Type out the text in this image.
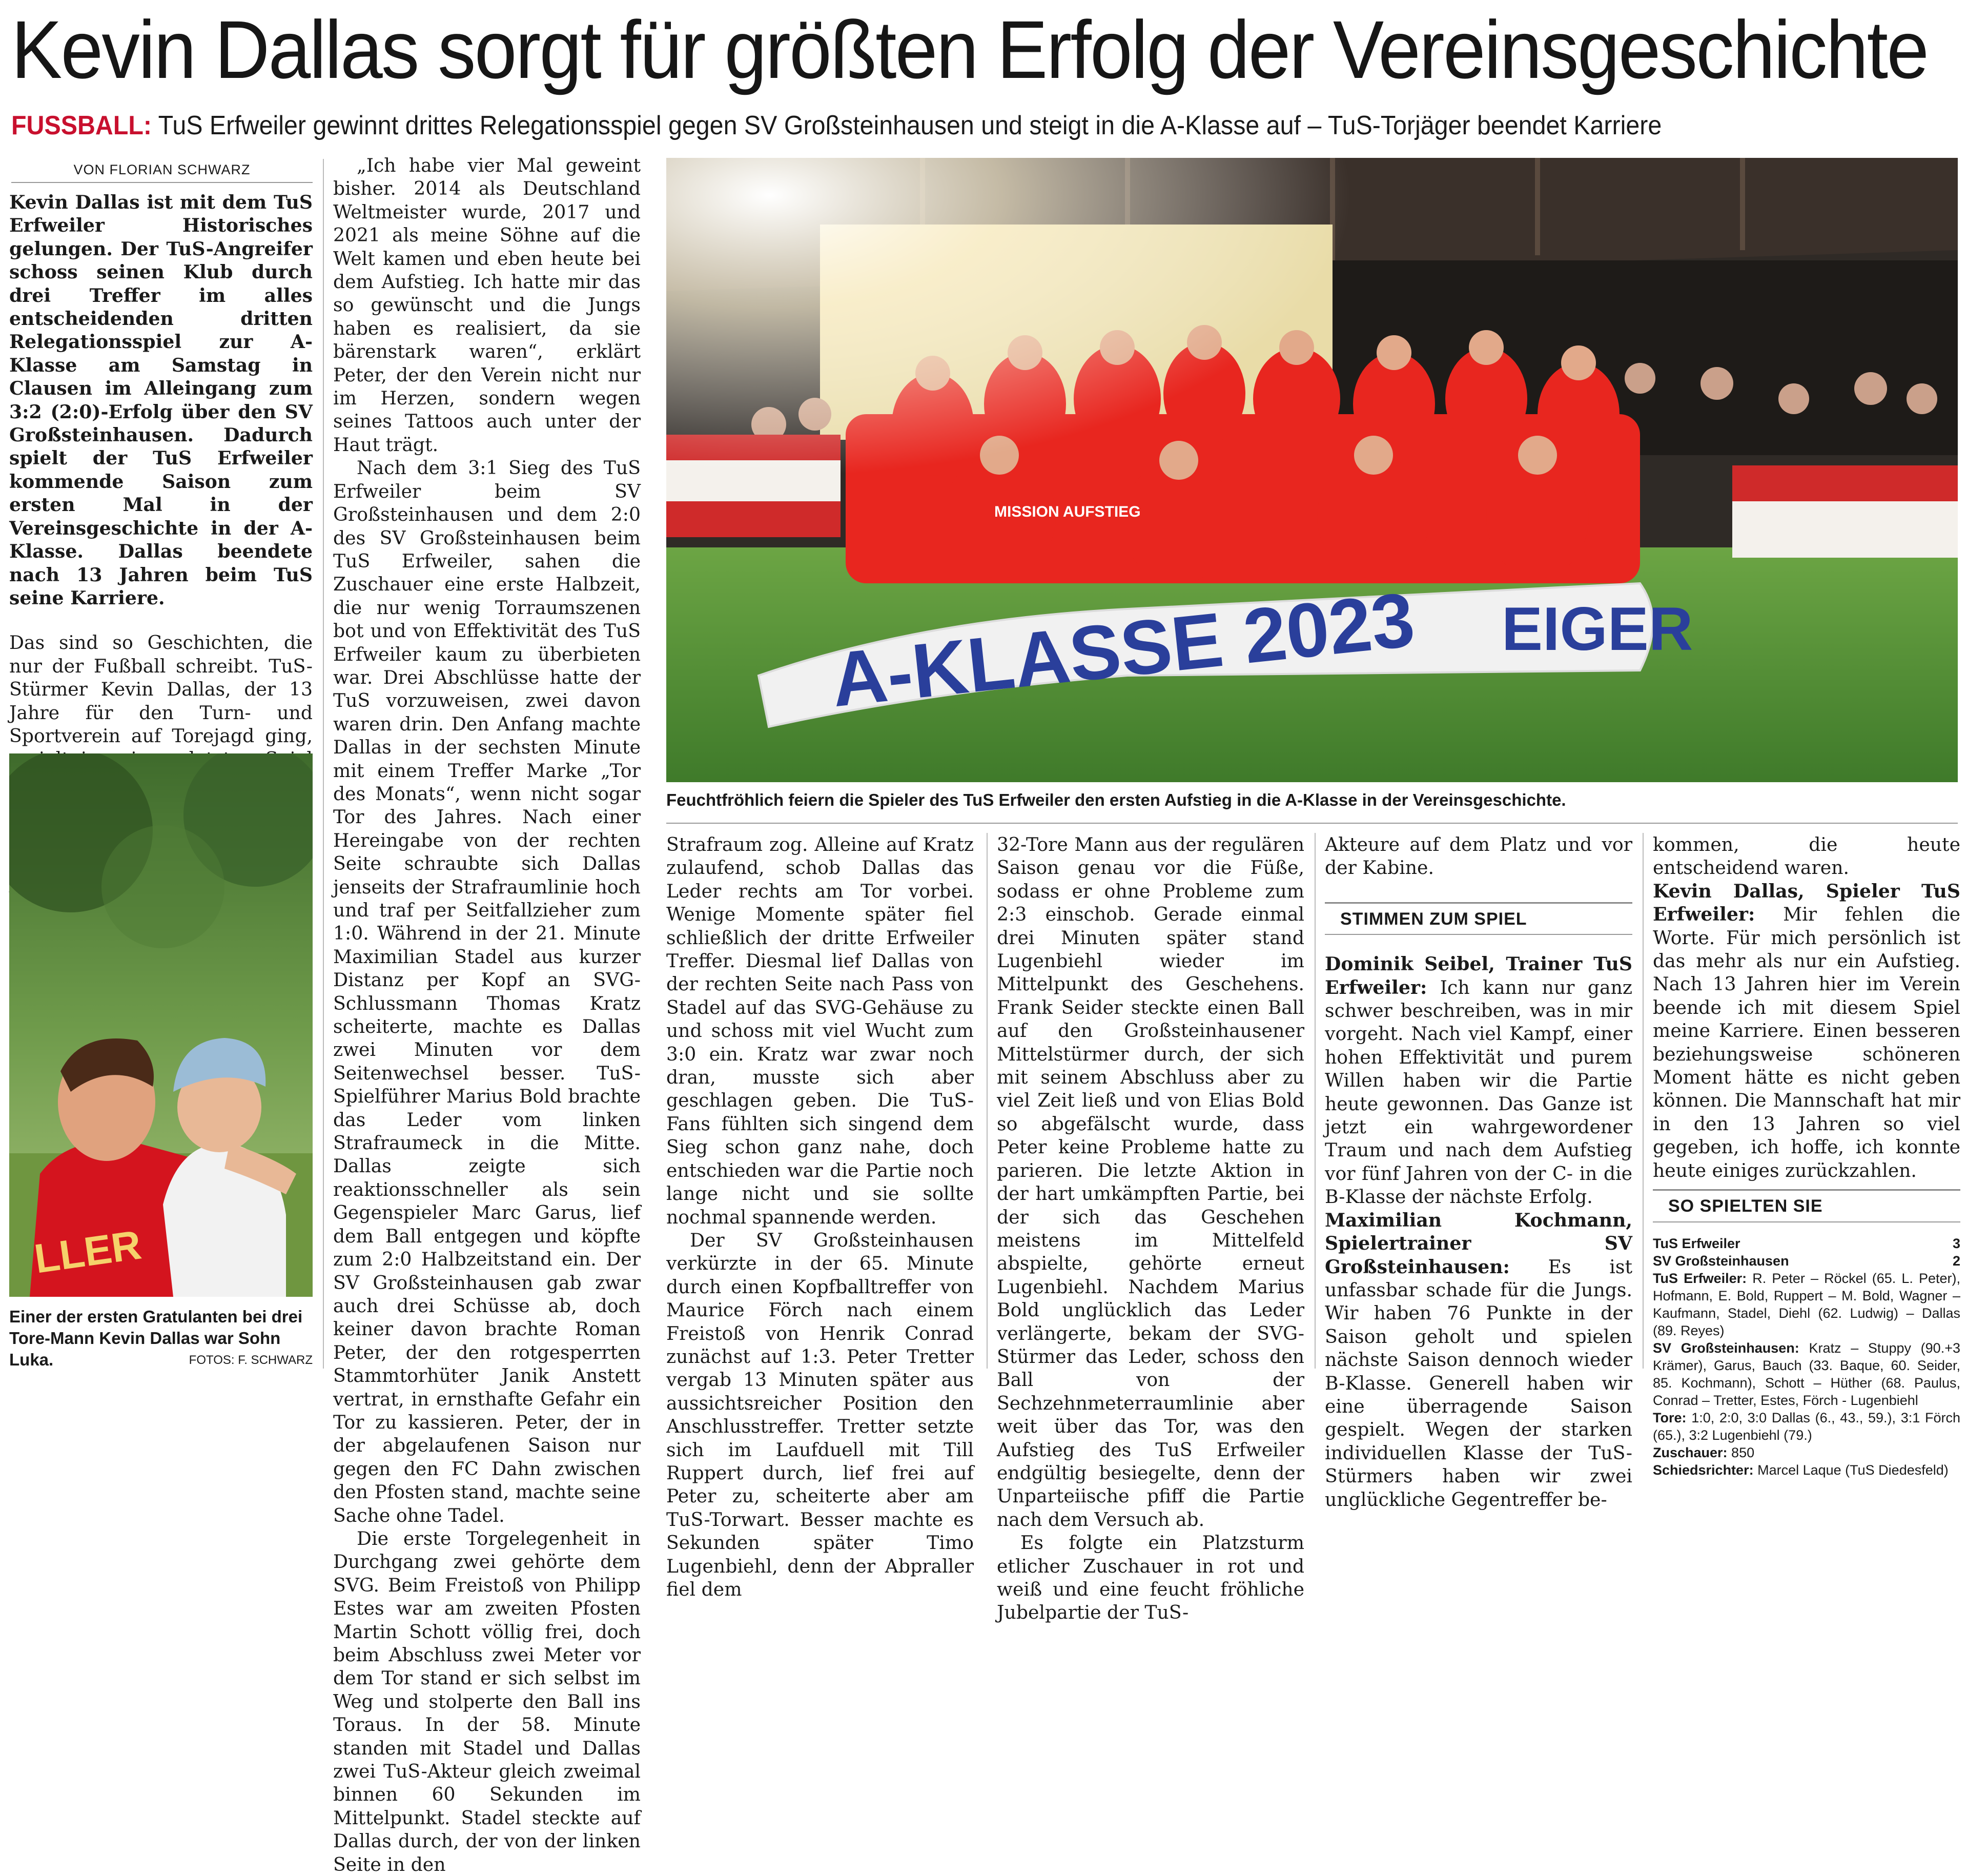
Kevin Dallas sorgt für größten Erfolg der Vereinsgeschichte
FUSSBALL: TuS Erfweiler gewinnt drittes Relegationsspiel gegen SV Großsteinhausen und steigt in die A-Klasse auf – TuS-Torjäger beendet Karriere
VON FLORIAN SCHWARZ

Kevin Dallas ist mit dem TuS Erfweiler Historisches gelungen. Der TuS-Angreifer schoss seinen Klub durch drei Treffer im alles entscheidenden dritten Relegationsspiel zur A-Klasse am Samstag in Clausen im Alleingang zum 3:2 (2:0)-Erfolg über den SV Großsteinhausen. Dadurch spielt der TuS Erfweiler kommende Saison zum ersten Mal in der Vereinsgeschichte in der A-Klasse. Dallas beendete nach 13 Jahren beim TuS seine Karriere.

Das sind so Geschichten, die nur der Fußball schreibt. TuS-Stürmer Kevin Dallas, der 13 Jahre für den Turn- und Sportverein auf Torejagd ging,

LLER
Einer der ersten Gratulanten bei drei Tore-Mann Kevin Dallas war Sohn Luka.	FOTOS: F. SCHWARZ

„Ich habe vier Mal geweint bisher. 2014 als Deutschland Weltmeister wurde, 2017 und 2021 als meine Söhne auf die Welt kamen und eben heute bei dem Aufstieg. Ich hatte mir das so gewünscht und die Jungs haben es realisiert, da sie bärenstark waren“, erklärt Peter, der den Verein nicht nur im Herzen, sondern wegen seines Tattoos auch unter der Haut trägt.

Nach dem 3:1 Sieg des TuS Erfweiler beim SV Großsteinhausen und dem 2:0 des SV Großsteinhausen beim TuS Erfweiler, sahen die Zuschauer eine erste Halbzeit, die nur wenig Torraumszenen bot und von Effektivität des TuS Erfweiler kaum zu überbieten war. Drei Abschlüsse hatte der TuS vorzuweisen, zwei davon waren drin. Den Anfang machte Dallas in der sechsten Minute mit einem Treffer Marke „Tor des Monats“, wenn nicht sogar Tor des Jahres. Nach einer Hereingabe von der rechten Seite schraubte sich Dallas jenseits der Strafraumlinie hoch und traf per Seitfallzieher zum 1:0. Während in der 21. Minute Maximilian Stadel aus kurzer Distanz per Kopf an SVG-Schlussmann Thomas Kratz scheiterte, machte es Dallas zwei Minuten vor dem Seitenwechsel besser. TuS-Spielführer Marius Bold brachte das Leder vom linken Strafraumeck in die Mitte. Dallas zeigte sich reaktionsschneller als sein Gegenspieler Marc Garus, lief dem Ball entgegen und köpfte zum 2:0 Halbzeitstand ein. Der SV Großsteinhausen gab zwar auch drei Schüsse ab, doch keiner davon brachte Roman Peter, der den rotgesperrten Stammtorhüter Janik Anstett vertrat, in ernsthafte Gefahr ein Tor zu kassieren. Peter, der in der abgelaufenen Saison nur gegen den FC Dahn zwischen den Pfosten stand, machte seine Sache ohne Tadel.

Die erste Torgelegenheit in Durchgang zwei gehörte dem SVG. Beim Freistoß von Philipp Estes war am zweiten Pfosten Martin Schott völlig frei, doch beim Abschluss zwei Meter vor dem Tor stand er sich selbst im Weg und stolperte den Ball ins Toraus. In der 58. Minute standen mit Stadel und Dallas zwei TuS-Akteur gleich zweimal binnen 60 Sekunden im Mittelpunkt. Stadel steckte auf Dallas durch, der von der linken Seite in den

Feuchtfröhlich feiern die Spieler des TuS Erfweiler den ersten Aufstieg in die A-Klasse in der Vereinsgeschichte.

Strafraum zog. Alleine auf Kratz zulaufend, schob Dallas das Leder rechts am Tor vorbei. Wenige Momente später fiel schließlich der dritte Erfweiler Treffer. Diesmal lief Dallas von der rechten Seite nach Pass von Stadel auf das SVG-Gehäuse zu und schoss mit viel Wucht zum 3:0 ein. Kratz war zwar noch dran, musste sich aber geschlagen geben. Die TuS-Fans fühlten sich singend dem Sieg schon ganz nahe, doch entschieden war die Partie noch lange nicht und sie sollte nochmal spannende werden.

Der SV Großsteinhausen verkürzte in der 65. Minute durch einen Kopfballtreffer von Maurice Förch nach einem Freistoß von Henrik Conrad zunächst auf 1:3. Peter Tretter vergab 13 Minuten später aus aussichtsreicher Position den Anschlusstreffer. Tretter setzte sich im Laufduell mit Till Ruppert durch, lief frei auf Peter zu, scheiterte aber am TuS-Torwart. Besser machte es Sekunden später Timo Lugenbiehl, denn der Abpraller fiel dem

32-Tore Mann aus der regulären Saison genau vor die Füße, sodass er ohne Probleme zum 2:3 einschob. Gerade einmal drei Minuten später stand Lugenbiehl wieder im Mittelpunkt des Geschehens. Frank Seider steckte einen Ball auf den Großsteinhausener Mittelstürmer durch, der sich mit seinem Abschluss aber zu viel Zeit ließ und von Elias Bold so abgefälscht wurde, dass Peter keine Probleme hatte zu parieren. Die letzte Aktion in der hart umkämpften Partie, bei der sich das Geschehen meistens im Mittelfeld abspielte, gehörte erneut Lugenbiehl. Nachdem Marius Bold unglücklich das Leder verlängerte, bekam der SVG-Stürmer das Leder, schoss den Ball von der Sechzehnmeterraumlinie aber weit über das Tor, was den Aufstieg des TuS Erfweiler endgültig besiegelte, denn der Unparteiische pfiff die Partie nach dem Versuch ab.

Es folgte ein Platzsturm etlicher Zuschauer in rot und weiß und eine feucht fröhliche Jubelpartie der TuS-

Akteure auf dem Platz und vor der Kabine.

STIMMEN ZUM SPIEL

Dominik Seibel, Trainer TuS Erfweiler: Ich kann nur ganz schwer beschreiben, was in mir vorgeht. Nach viel Kampf, einer hohen Effektivität und purem Willen haben wir die Partie heute gewonnen. Das Ganze ist jetzt ein wahrgewordener Traum und nach dem Aufstieg vor fünf Jahren von der C- in die B-Klasse der nächste Erfolg.

Maximilian Kochmann, Spielertrainer SV Großsteinhausen: Es ist unfassbar schade für die Jungs. Wir haben 76 Punkte in der Saison geholt und spielen nächste Saison dennoch wieder B-Klasse. Generell haben wir eine überragende Saison gespielt. Wegen der starken individuellen Klasse der TuS-Stürmers haben wir zwei unglückliche Gegentreffer be-

kommen, die heute entscheidend waren.

Kevin Dallas, Spieler TuS Erfweiler: Mir fehlen die Worte. Für mich persönlich ist das mehr als nur ein Aufstieg. Nach 13 Jahren hier im Verein beende ich mit diesem Spiel meine Karriere. Einen besseren beziehungsweise schöneren Moment hätte es nicht geben können. Die Mannschaft hat mir in den 13 Jahren so viel gegeben, ich hoffe, ich konnte heute einiges zurückzahlen.

SO SPIELTEN SIE
TuS Erfweiler	3
SV Großsteinhausen	2
TuS Erfweiler: R. Peter – Röckel (65. L. Peter), Hofmann, E. Bold, Ruppert – M. Bold, Wagner – Kaufmann, Stadel, Diehl (62. Ludwig) – Dallas (89. Reyes)
SV Großsteinhausen: Kratz – Stuppy (90.+3 Krämer), Garus, Bauch (33. Baque, 60. Seider, 85. Kochmann), Schott – Hüther (68. Paulus, Conrad – Tretter, Estes, Förch - Lugenbiehl
Tore: 1:0, 2:0, 3:0 Dallas (6., 43., 59.), 3:1 Förch (65.), 3:2 Lugenbiehl (79.)
Zuschauer: 850
Schiedsrichter: Marcel Laque (TuS Diedesfeld)
